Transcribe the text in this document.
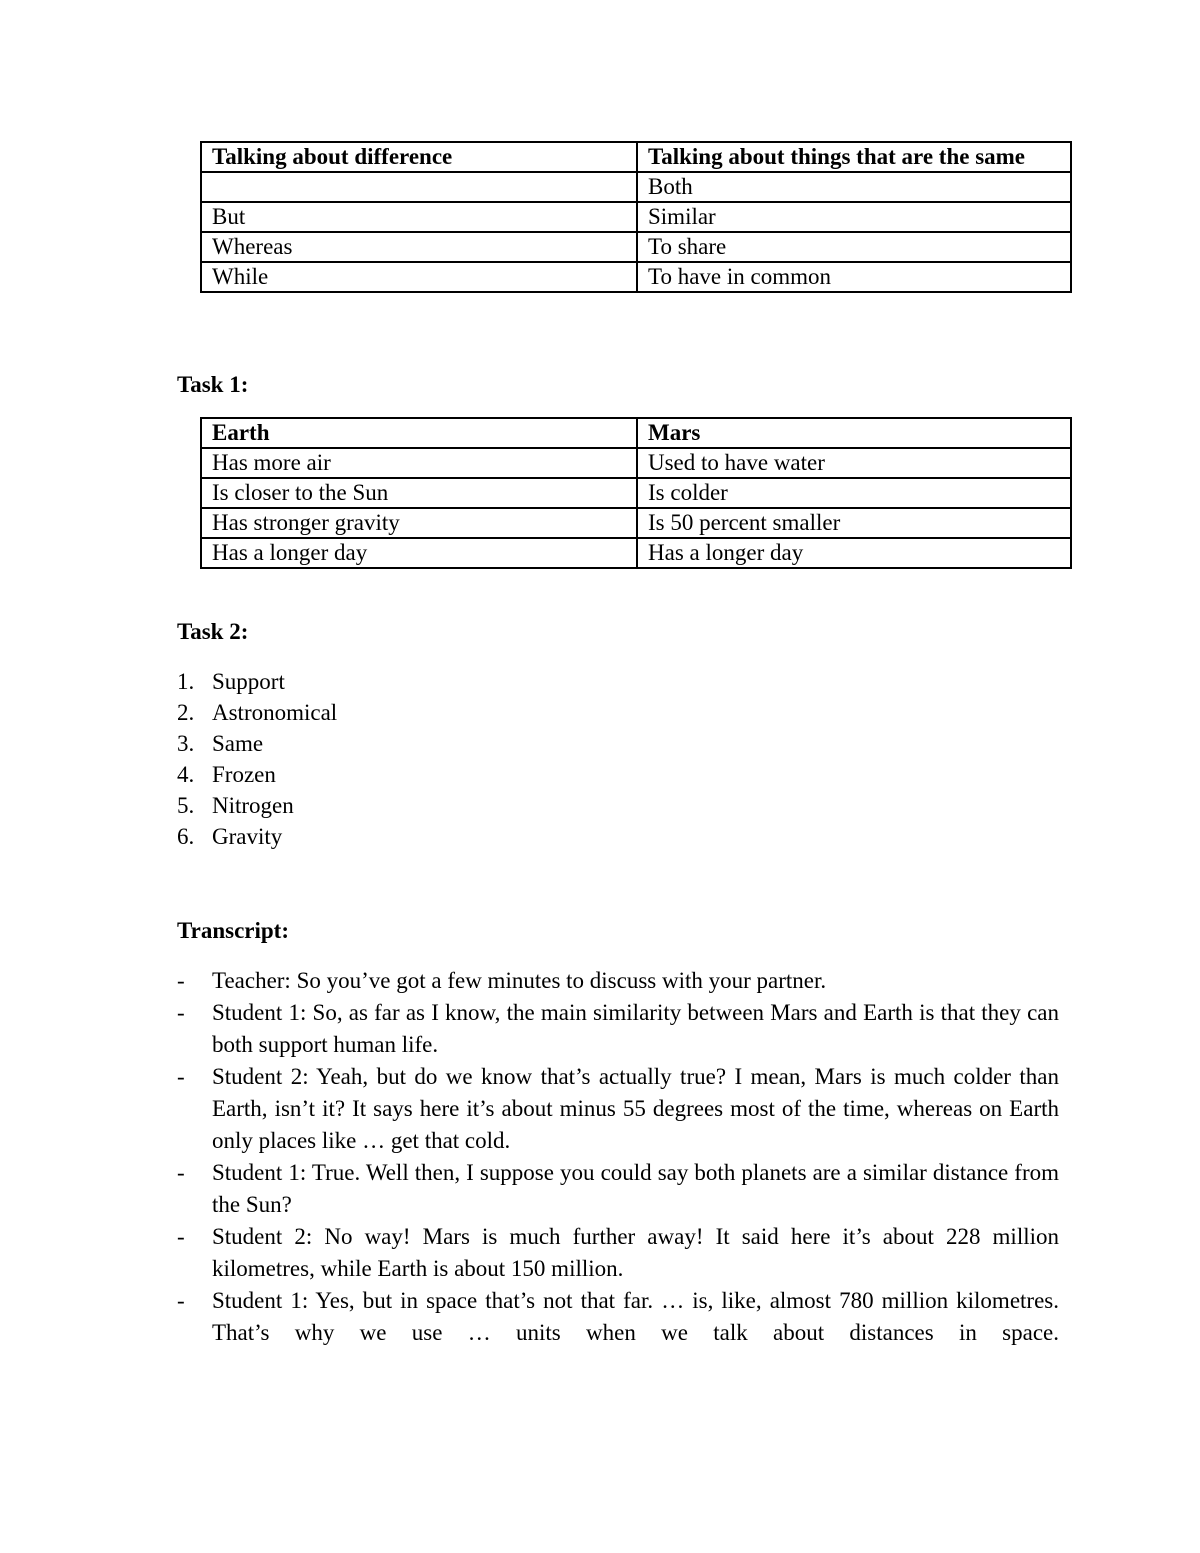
Talking about difference	Talking about things that are the same
	Both
But	Similar
Whereas	To share
While	To have in common
Task 1:
Earth	Mars
Has more air	Used to have water
Is closer to the Sun	Is colder
Has stronger gravity	Is 50 percent smaller
Has a longer day	Has a longer day
Task 2:
1. Support
2. Astronomical
3. Same
4. Frozen
5. Nitrogen
6. Gravity
Transcript:
-	Teacher: So you’ve got a few minutes to discuss with your partner.
-	Student 1: So, as far as I know, the main similarity between Mars and Earth is that they can both support human life.
-	Student 2: Yeah, but do we know that’s actually true? I mean, Mars is much colder than Earth, isn’t it? It says here it’s about minus 55 degrees most of the time, whereas on Earth only places like … get that cold.
-	Student 1: True. Well then, I suppose you could say both planets are a similar distance from the Sun?
-	Student 2: No way! Mars is much further away! It said here it’s about 228 million kilometres, while Earth is about 150 million.
-	Student 1: Yes, but in space that’s not that far. … is, like, almost 780 million kilometres. That’s why we use … units when we talk about distances in space.
